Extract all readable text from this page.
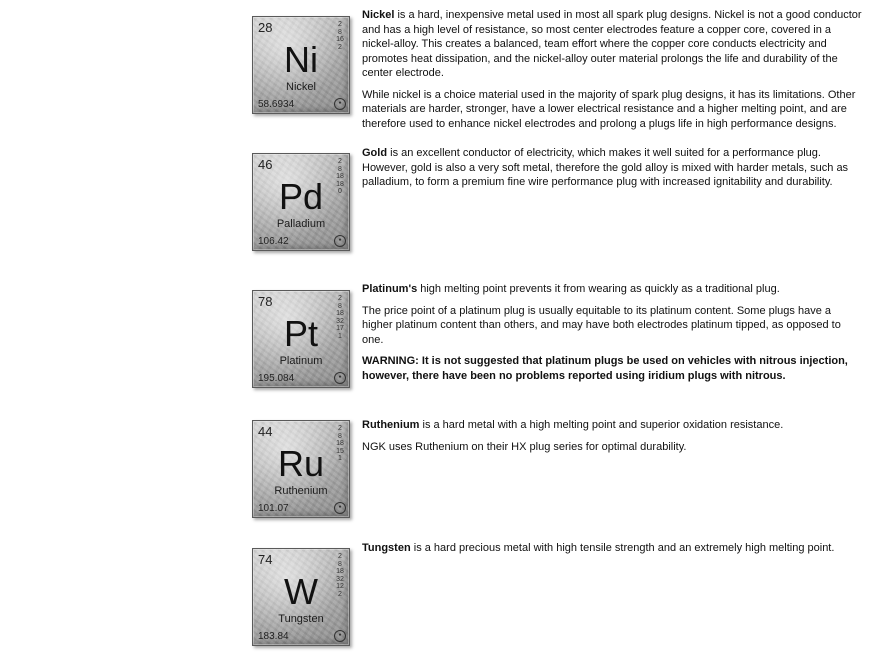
28
Ni
Nickel
58.6934
2
8
16
2
●

Nickel is a hard, inexpensive metal used in most all spark plug designs. Nickel is not a good conductor and has a high level of resistance, so most center electrodes feature a copper core, covered in a nickel-alloy. This creates a balanced, team effort where the copper core conducts electricity and promotes heat dissipation, and the nickel-alloy outer material prolongs the life and durability of the center electrode.

While nickel is a choice material used in the majority of spark plug designs, it has its limitations. Other materials are harder, stronger, have a lower electrical resistance and a higher melting point, and are therefore used to enhance nickel electrodes and prolong a plugs life in high performance designs.

46
Pd
Palladium
106.42
2
8
18
18
0
●

Gold is an excellent conductor of electricity, which makes it well suited for a performance plug. However, gold is also a very soft metal, therefore the gold alloy is mixed with harder metals, such as palladium, to form a premium fine wire performance plug with increased ignitability and durability.

78
Pt
Platinum
195.084
2
8
18
32
17
1
●

Platinum's high melting point prevents it from wearing as quickly as a traditional plug.

The price point of a platinum plug is usually equitable to its platinum content. Some plugs have a higher platinum content than others, and may have both electrodes platinum tipped, as opposed to one.

WARNING: It is not suggested that platinum plugs be used on vehicles with nitrous injection, however, there have been no problems reported using iridium plugs with nitrous.

44
Ru
Ruthenium
101.07
2
8
18
15
1
●

Ruthenium is a hard metal with a high melting point and superior oxidation resistance.

NGK uses Ruthenium on their HX plug series for optimal durability.

74
W
Tungsten
183.84
2
8
18
32
12
2
●

Tungsten is a hard precious metal with high tensile strength and an extremely high melting point.
